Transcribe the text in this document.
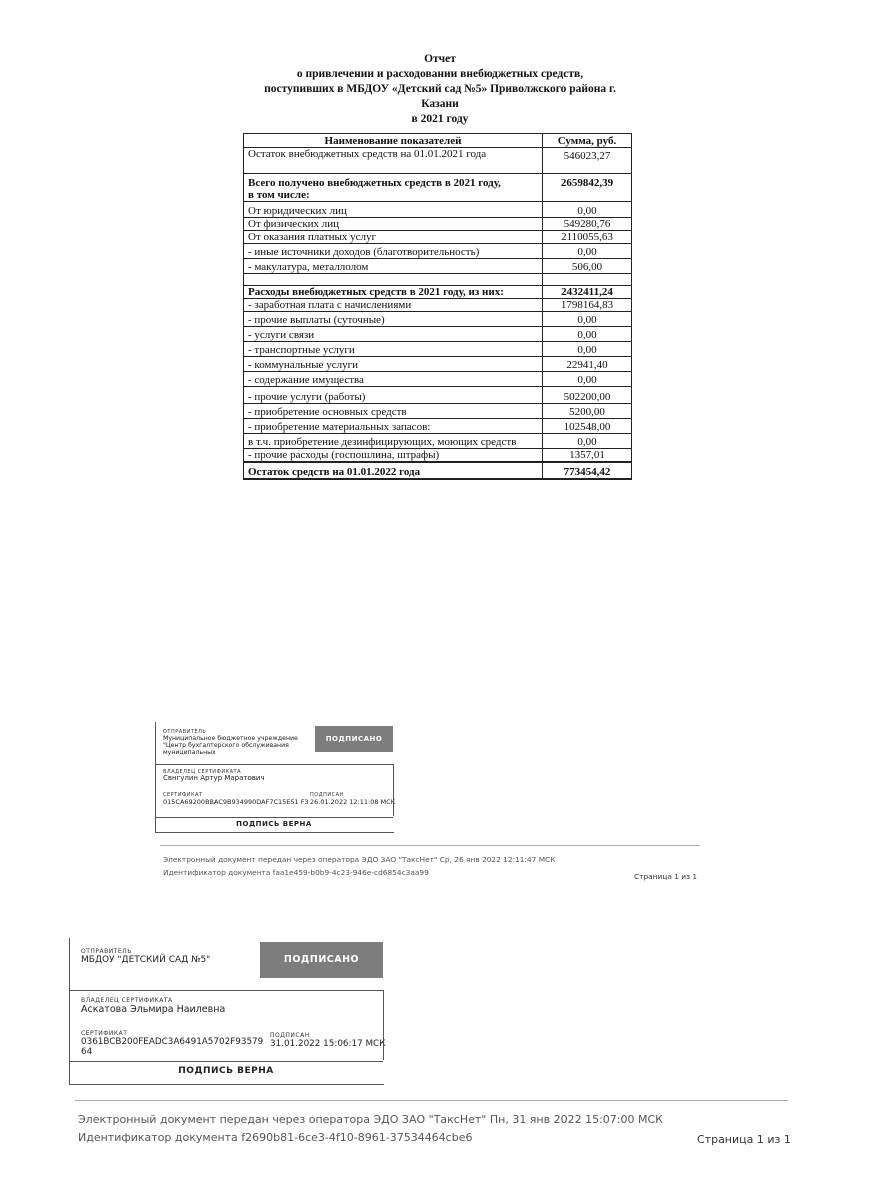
Отчет
о привлечении и расходовании внебюджетных средств,
поступивших в МБДОУ «Детский сад №5» Приволжского района г.
Казани
в 2021 году
Наименование показателей	Сумма, руб.
Остаток внебюджетных средств на 01.01.2021 года	546023,27

Всего получено внебюджетных средств в 2021 году,
в том числе:	2659842,39
От юридических лиц	0,00
От физических лиц	549280,76
От оказания платных услуг	2110055,63
- иные источники доходов (благотворительность)	0,00
- макулатура, металлолом	506,00

Расходы внебюджетных средств в 2021 году, из них:	2432411,24
- заработная плата с начислениями	1798164,83
- прочие выплаты (суточные)	0,00
- услуги связи	0,00
- транспортные услуги	0,00
- коммунальные услуги	22941,40
- содержание имущества	0,00
- прочие услуги (работы)	502200,00
- приобретение основных средств	5200,00
- приобретение материальных запасов:	102548,00
в т.ч. приобретение дезинфицирующих, моющих средств	0,00
- прочие расходы (госпошлина, штрафы)	1357,01
Остаток средств на 01.01.2022 года	773454,42
ОТПРАВИТЕЛЬ
Муниципальное бюджетное учреждение "Центр бухгалтерского обслуживания муниципальных
ПОДПИСАНО
ВЛАДЕЛЕЦ СЕРТИФИКАТА
Свнгулин Артур Маратович
СЕРТИФИКАТ
015CA69200BBAC9B934990DAF7C15E51 F3
ПОДПИСАН
26.01.2022 12:11:08 МСК
ПОДПИСЬ ВЕРНА
Электронный документ передан через оператора ЭДО ЗАО "ТаксНет" Ср, 26 янв 2022 12:11:47 МСК
Идентификатор документа faa1e459-b0b9-4c23-946e-cd6854c3aa99	Страница 1 из 1
ОТПРАВИТЕЛЬ
МБДОУ "ДЕТСКИЙ САД №5"	ПОДПИСАНО
ВЛАДЕЛЕЦ СЕРТИФИКАТА
Аскатова Эльмира Наилевна
СЕРТИФИКАТ
0361BCB200FEADC3A6491A5702F93579 64
ПОДПИСАН
31.01.2022 15:06:17 МСК
ПОДПИСЬ ВЕРНА
Электронный документ передан через оператора ЭДО ЗАО "ТаксНет" Пн, 31 янв 2022 15:07:00 МСК
Идентификатор документа f2690b81-6ce3-4f10-8961-37534464cbe6	Страница 1 из 1
